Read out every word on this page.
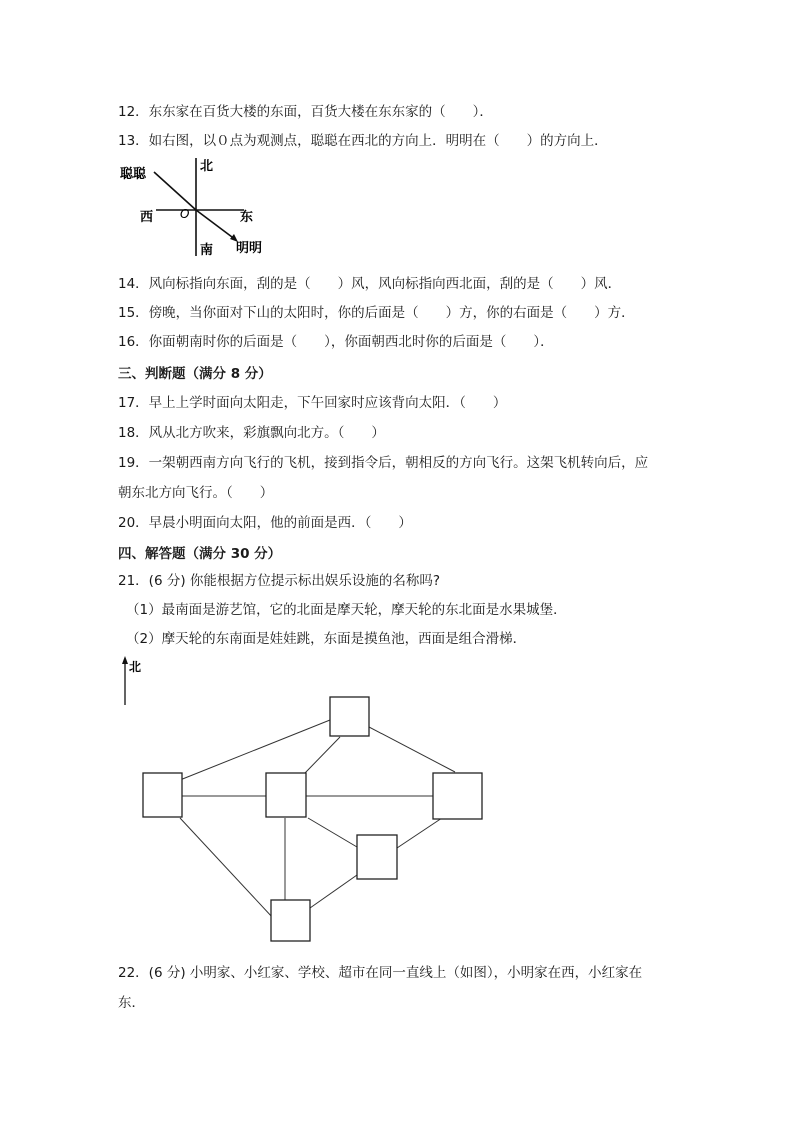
12．东东家在百货大楼的东面，百货大楼在东东家的（　　）．
13．如右图，以０点为观测点，聪聪在西北的方向上．明明在（　　）的方向上．
北
聪聪
西 O	东
南 明明
14．风向标指向东面，刮的是（　　）风，风向标指向西北面，刮的是（　　）风．
15．傍晚，当你面对下山的太阳时，你的后面是（　　）方，你的右面是（　　）方．
16．你面朝南时你的后面是（　　），你面朝西北时你的后面是（　　）．
三、判断题（满分 8 分）
17．早上上学时面向太阳走，下午回家时应该背向太阳．（　　）
18．风从北方吹来，彩旗飘向北方。（　　）
19．一架朝西南方向飞行的飞机，接到指令后，朝相反的方向飞行。这架飞机转向后，应
朝东北方向飞行。（　　）
20．早晨小明面向太阳，他的前面是西．（　　）
四、解答题（满分 30 分）
21．(6 分) 你能根据方位提示标出娱乐设施的名称吗?
（1）最南面是游艺馆，它的北面是摩天轮，摩天轮的东北面是水果城堡．
（2）摩天轮的东南面是娃娃跳，东面是摸鱼池，西面是组合滑梯．
北
22．(6 分) 小明家、小红家、学校、超市在同一直线上（如图），小明家在西，小红家在
东．
